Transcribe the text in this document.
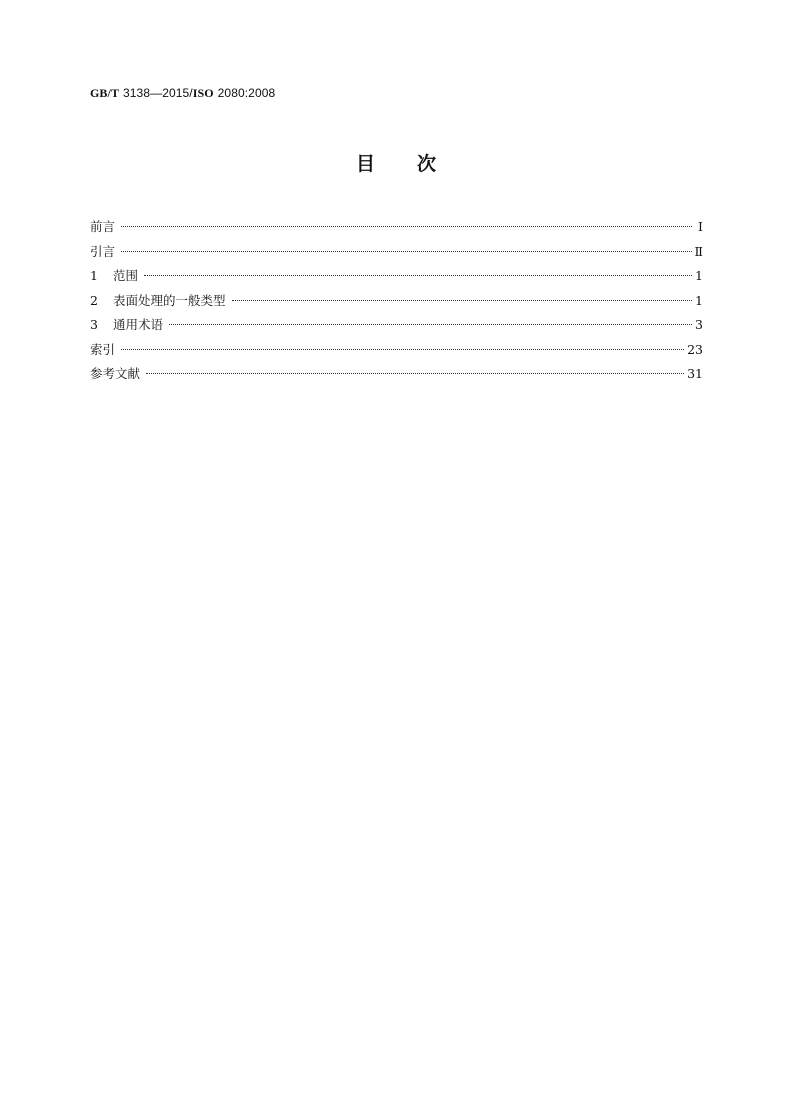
GB/T 3138—2015/ISO 2080:2008
目 次
前言	Ⅰ
引言	Ⅱ
1	范围	1
2	表面处理的一般类型	1
3	通用术语	3
索引	23
参考文献	31
